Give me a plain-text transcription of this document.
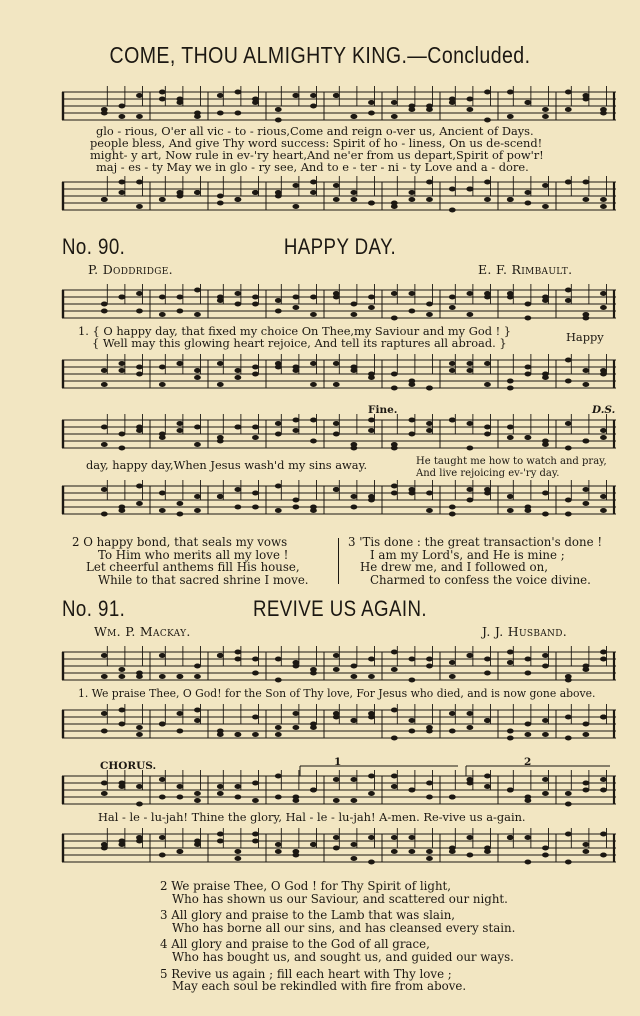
COME, THOU ALMIGHTY KING.—Concluded.
glo - rious, O'er all vic - to - rious,Come and reign o-ver us, Ancient of Days.
people bless, And give Thy word success: Spirit of ho - liness, On us de-scend!
might- y art, Now rule in ev-'ry heart,And ne'er from us depart,Spirit of pow'r!
maj - es - ty May we in glo - ry see, And to e - ter - ni - ty Love and a - dore.
No. 90.	HAPPY DAY.
P. Doddridge.	E. F. Rimbault.
1. { O happy day, that fixed my choice On Thee,my Saviour and my God ! }
{ Well may this glowing heart rejoice, And tell its raptures all abroad. }	Happy
Fine.	D.S.
day, happy day,When Jesus wash'd my sins away.	He taught me how to watch and pray,
And live rejoicing ev-'ry day.
2 O happy bond, that seals my vows
To Him who merits all my love !
Let cheerful anthems fill His house,
While to that sacred shrine I move.
3 'Tis done : the great transaction's done !
I am my Lord's, and He is mine ;
He drew me, and I followed on,
Charmed to confess the voice divine.
No. 91.	REVIVE US AGAIN.
Wm. P. Mackay.	J. J. Husband.
1. We praise Thee, O God! for the Son of Thy love, For Jesus who died, and is now gone above.
CHORUS.	1	2
Hal - le - lu-jah! Thine the glory, Hal - le - lu-jah! A-men. Re-vive us a-gain.
2 We praise Thee, O God ! for Thy Spirit of light,
Who has shown us our Saviour, and scattered our night.
3 All glory and praise to the Lamb that was slain,
Who has borne all our sins, and has cleansed every stain.
4 All glory and praise to the God of all grace,
Who has bought us, and sought us, and guided our ways.
5 Revive us again ; fill each heart with Thy love ;
May each soul be rekindled with fire from above.
